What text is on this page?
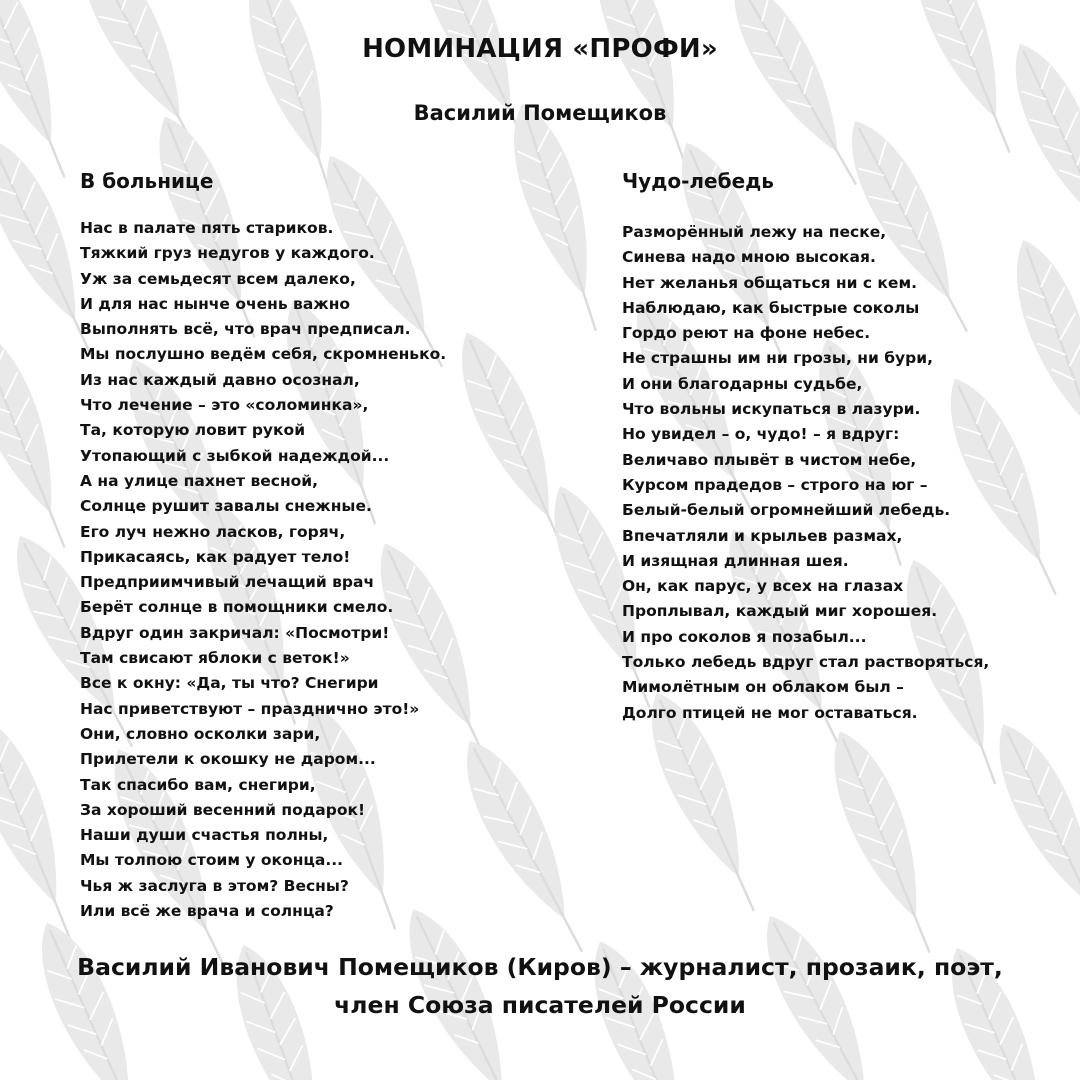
НОМИНАЦИЯ «ПРОФИ»
Василий Помещиков
В больнице
Нас в палате пять стариков.
Тяжкий груз недугов у каждого.
Уж за семьдесят всем далеко,
И для нас нынче очень важно
Выполнять всё, что врач предписал.
Мы послушно ведём себя, скромненько.
Из нас каждый давно осознал,
Что лечение – это «соломинка»,
Та, которую ловит рукой
Утопающий с зыбкой надеждой...
А на улице пахнет весной,
Солнце рушит завалы снежные.
Его луч нежно ласков, горяч,
Прикасаясь, как радует тело!
Предприимчивый лечащий врач
Берёт солнце в помощники смело.
Вдруг один закричал: «Посмотри!
Там свисают яблоки с веток!»
Все к окну: «Да, ты что? Снегири
Нас приветствуют – празднично это!»
Они, словно осколки зари,
Прилетели к окошку не даром...
Так спасибо вам, снегири,
За хороший весенний подарок!
Наши души счастья полны,
Мы толпою стоим у оконца...
Чья ж заслуга в этом? Весны?
Или всё же врача и солнца?
Чудо-лебедь
Разморённый лежу на песке,
Синева надо мною высокая.
Нет желанья общаться ни с кем.
Наблюдаю, как быстрые соколы
Гордо реют на фоне небес.
Не страшны им ни грозы, ни бури,
И они благодарны судьбе,
Что вольны искупаться в лазури.
Но увидел – о, чудо! – я вдруг:
Величаво плывёт в чистом небе,
Курсом прадедов – строго на юг –
Белый-белый огромнейший лебедь.
Впечатляли и крыльев размах,
И изящная длинная шея.
Он, как парус, у всех на глазах
Проплывал, каждый миг хорошея.
И про соколов я позабыл...
Только лебедь вдруг стал растворяться,
Мимолётным он облаком был –
Долго птицей не мог оставаться.
Василий Иванович Помещиков (Киров) – журналист, прозаик, поэт,
член Союза писателей России
